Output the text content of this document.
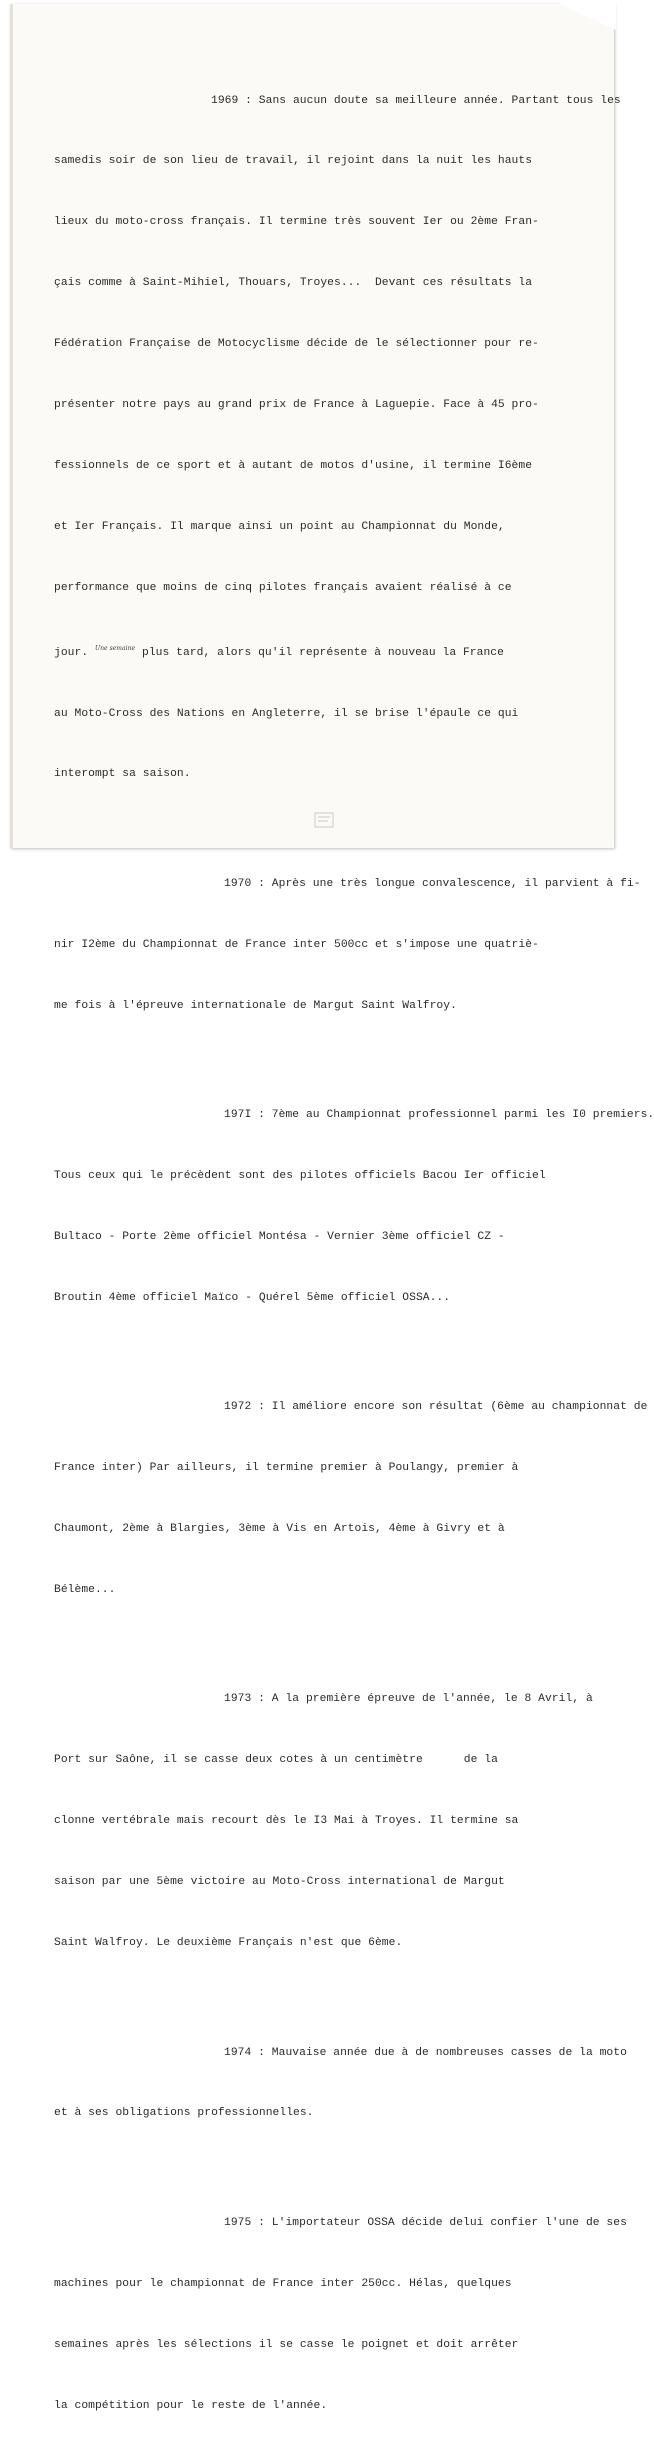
1969 : Sans aucun doute sa meilleure année. Partant tous les

samedis soir de son lieu de travail, il rejoint dans la nuit les hauts

lieux du moto-cross français. Il termine très souvent Ier ou 2ème Fran-

çais comme à Saint-Mihiel, Thouars, Troyes...  Devant ces résultats la

Fédération Française de Motocyclisme décide de le sélectionner pour re-

présenter notre pays au grand prix de France à Laguepie. Face à 45 pro-

fessionnels de ce sport et à autant de motos d'usine, il termine I6ème

et Ier Français. Il marque ainsi un point au Championnat du Monde,

performance que moins de cinq pilotes français avaient réalisé à ce

jour. $^{Une semaine}$ plus tard, alors qu'il représente à nouveau la France

au Moto-Cross des Nations en Angleterre, il se brise l'épaule ce qui

interompt sa saison.

1970 : Après une très longue convalescence, il parvient à fi-

nir I2ème du Championnat de France inter 500cc et s'impose une quatriè-

me fois à l'épreuve internationale de Margut Saint Walfroy.

197I : 7ème au Championnat professionnel parmi les I0 premiers.

Tous ceux qui le précèdent sont des pilotes officiels Bacou Ier officiel

Bultaco - Porte 2ème officiel Montésa - Vernier 3ème officiel CZ -

Broutin 4ème officiel Maïco - Quérel 5ème officiel OSSA...

1972 : Il améliore encore son résultat (6ème au championnat de

France inter) Par ailleurs, il termine premier à Poulangy, premier à

Chaumont, 2ème à Blargies, 3ème à Vis en Artois, 4ème à Givry et à

Bélème...

1973 : A la première épreuve de l'année, le 8 Avril, à

Port sur Saône, il se casse deux cotes à un centimètre      de la

clonne vertébrale mais recourt dès le I3 Mai à Troyes. Il termine sa

saison par une 5ème victoire au Moto-Cross international de Margut

Saint Walfroy. Le deuxième Français n'est que 6ème.

1974 : Mauvaise année due à de nombreuses casses de la moto

et à ses obligations professionnelles.

1975 : L'importateur OSSA décide delui confier l'une de ses

machines pour le championnat de France inter 250cc. Hélas, quelques

semaines après les sélections il se casse le poignet et doit arrêter

la compétition pour le reste de l'année.
